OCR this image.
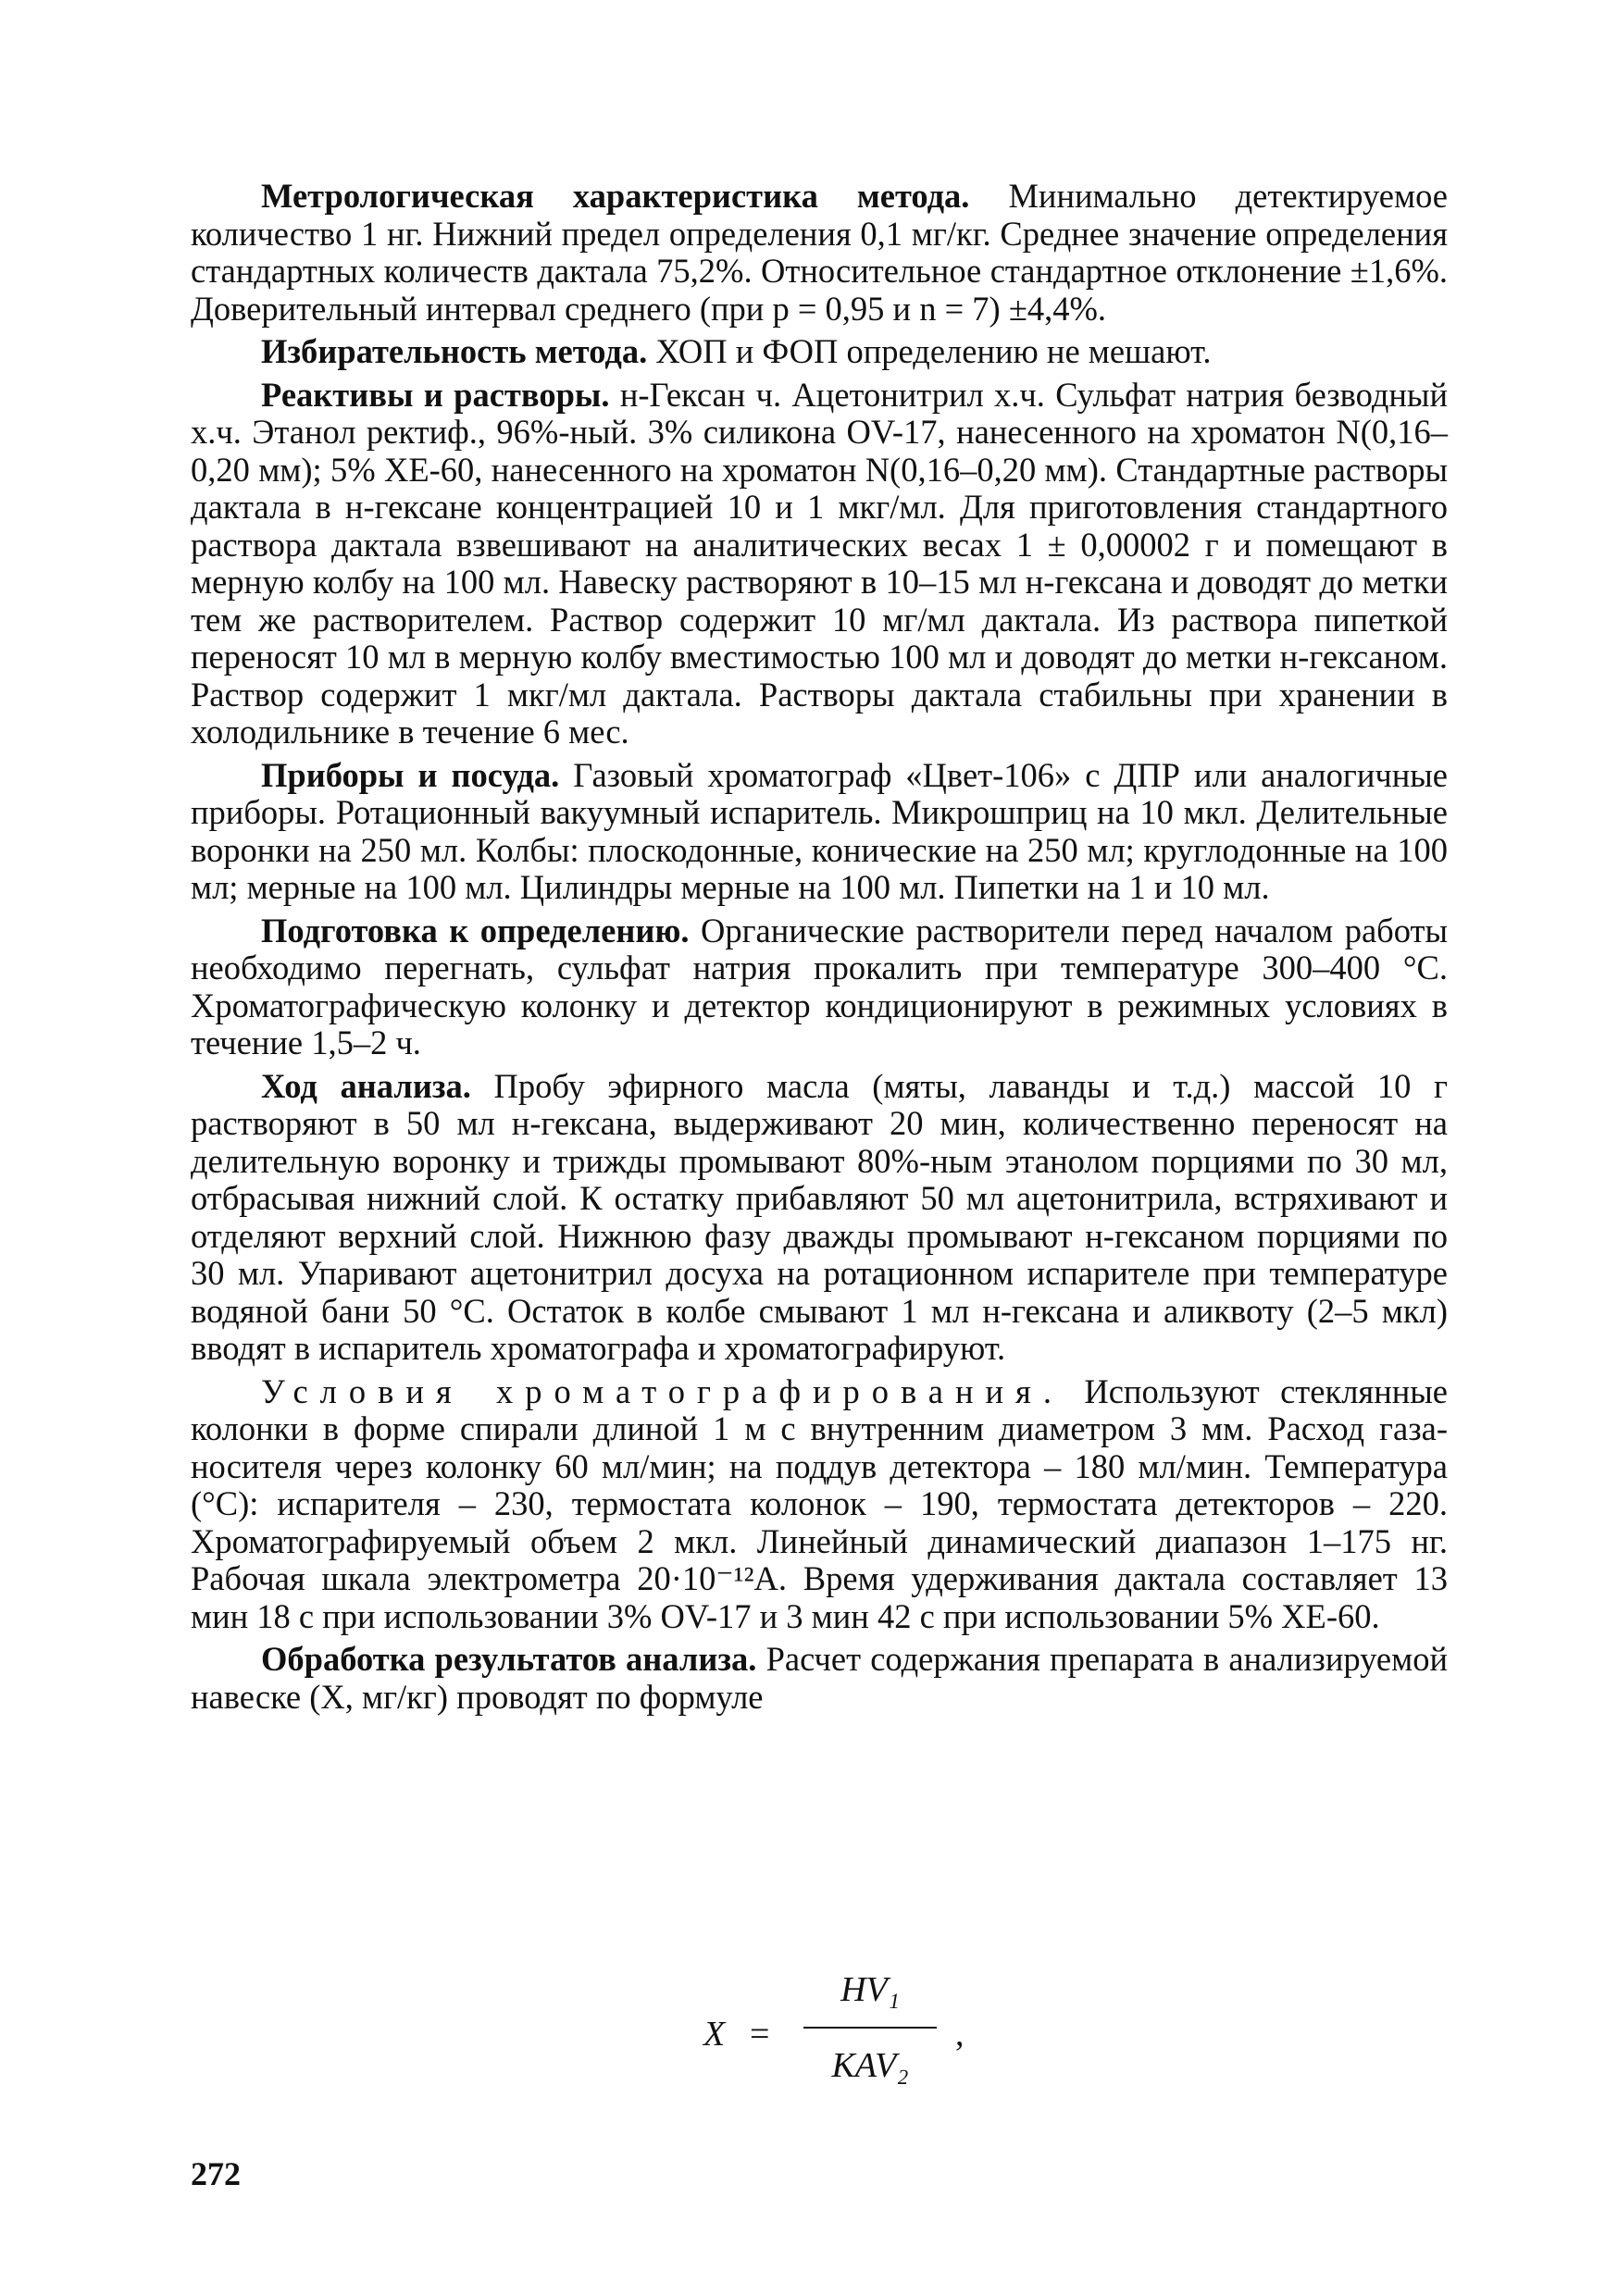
Метрологическая характеристика метода. Минимально детектируемое количество 1 нг. Нижний предел определения 0,1 мг/кг. Среднее значение определения стандартных количеств дактала 75,2%. Относительное стандартное отклонение ±1,6%. Доверительный интервал среднего (при p = 0,95 и n = 7) ±4,4%.

Избирательность метода. ХОП и ФОП определению не мешают.

Реактивы и растворы. н-Гексан ч. Ацетонитрил х.ч. Сульфат натрия безводный х.ч. Этанол ректиф., 96%-ный. 3% силикона OV-17, нанесенного на хроматон N(0,16–0,20 мм); 5% XE-60, нанесенного на хроматон N(0,16–0,20 мм). Стандартные растворы дактала в н-гексане концентрацией 10 и 1 мкг/мл. Для приготовления стандартного раствора дактала взвешивают на аналитических весах 1 ± 0,00002 г и помещают в мерную колбу на 100 мл. Навеску растворяют в 10–15 мл н-гексана и доводят до метки тем же растворителем. Раствор содержит 10 мг/мл дактала. Из раствора пипеткой переносят 10 мл в мерную колбу вместимостью 100 мл и доводят до метки н-гексаном. Раствор содержит 1 мкг/мл дактала. Растворы дактала стабильны при хранении в холодильнике в течение 6 мес.

Приборы и посуда. Газовый хроматограф «Цвет-106» с ДПР или аналогичные приборы. Ротационный вакуумный испаритель. Микрошприц на 10 мкл. Делительные воронки на 250 мл. Колбы: плоскодонные, конические на 250 мл; круглодонные на 100 мл; мерные на 100 мл. Цилиндры мерные на 100 мл. Пипетки на 1 и 10 мл.

Подготовка к определению. Органические растворители перед началом работы необходимо перегнать, сульфат натрия прокалить при температуре 300–400 °С. Хроматографическую колонку и детектор кондиционируют в режимных условиях в течение 1,5–2 ч.

Ход анализа. Пробу эфирного масла (мяты, лаванды и т.д.) массой 10 г растворяют в 50 мл н-гексана, выдерживают 20 мин, количественно переносят на делительную воронку и трижды промывают 80%-ным этанолом порциями по 30 мл, отбрасывая нижний слой. К остатку прибавляют 50 мл ацетонитрила, встряхивают и отделяют верхний слой. Нижнюю фазу дважды промывают н-гексаном порциями по 30 мл. Упаривают ацетонитрил досуха на ротационном испарителе при температуре водяной бани 50 °С. Остаток в колбе смывают 1 мл н-гексана и аликвоту (2–5 мкл) вводят в испаритель хроматографа и хроматографируют.

Условия хроматографирования. Используют стеклянные колонки в форме спирали длиной 1 м с внутренним диаметром 3 мм. Расход газа-носителя через колонку 60 мл/мин; на поддув детектора – 180 мл/мин. Температура (°С): испарителя – 230, термостата колонок – 190, термостата детекторов – 220. Хроматографируемый объем 2 мкл. Линейный динамический диапазон 1–175 нг. Рабочая шкала электрометра 20·10⁻¹²А. Время удерживания дактала составляет 13 мин 18 с при использовании 3% OV-17 и 3 мин 42 с при использовании 5% XE-60.

Обработка результатов анализа. Расчет содержания препарата в анализируемой навеске (X, мг/кг) проводят по формуле

X =
HV₁
KAV₂
,
272
